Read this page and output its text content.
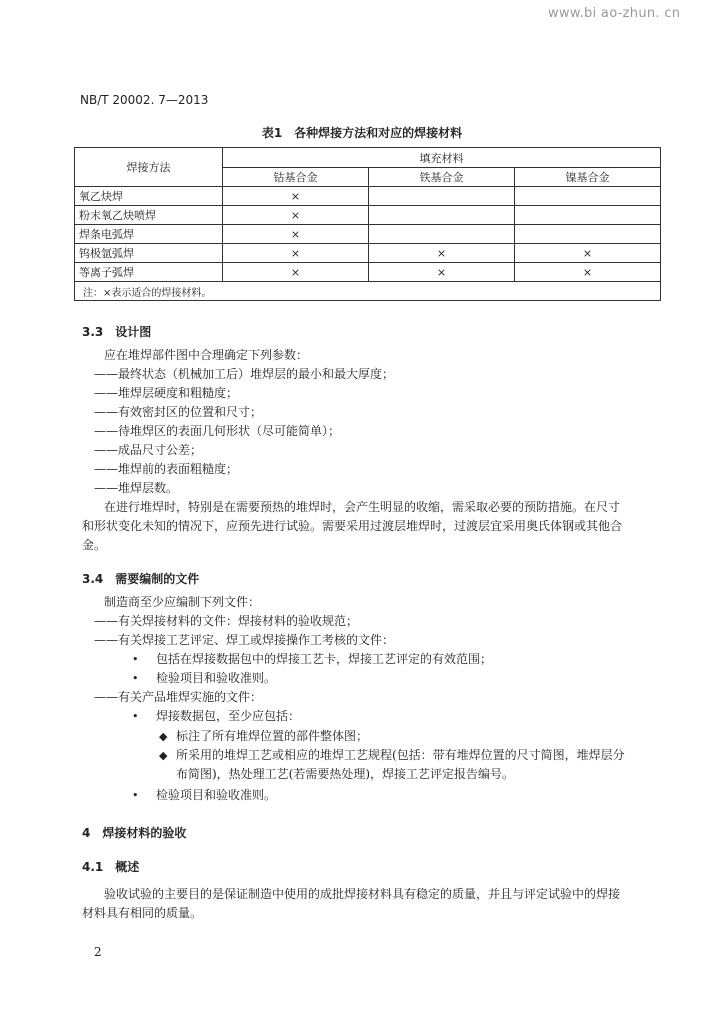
www.bi ao-zhun. cn
NB/T 20002. 7—2013
表1　各种焊接方法和对应的焊接材料
焊接方法	填充材料		
	钴基合金	铁基合金	镍基合金
氧乙炔焊	×		
粉末氧乙炔喷焊	×		
焊条电弧焊	×		
钨极氩弧焊	×	×	×
等离子弧焊	×	×	×
注：×表示适合的焊接材料。			
3.3　设计图
应在堆焊部件图中合理确定下列参数：
——最终状态（机械加工后）堆焊层的最小和最大厚度；
——堆焊层硬度和粗糙度；
——有效密封区的位置和尺寸；
——待堆焊区的表面几何形状（尽可能简单）；
——成品尺寸公差；
——堆焊前的表面粗糙度；
——堆焊层数。
在进行堆焊时，特别是在需要预热的堆焊时，会产生明显的收缩，需采取必要的预防措施。在尺寸
和形状变化未知的情况下，应预先进行试验。需要采用过渡层堆焊时，过渡层宜采用奥氏体钢或其他合
金。
3.4　需要编制的文件
制造商至少应编制下列文件：
——有关焊接材料的文件：焊接材料的验收规范；
——有关焊接工艺评定、焊工或焊接操作工考核的文件：
• 包括在焊接数据包中的焊接工艺卡，焊接工艺评定的有效范围；
• 检验项目和验收准则。
——有关产品堆焊实施的文件：
• 焊接数据包，至少应包括：
◆ 标注了所有堆焊位置的部件整体图；
◆ 所采用的堆焊工艺或相应的堆焊工艺规程(包括：带有堆焊位置的尺寸简图，堆焊层分
布简图)，热处理工艺(若需要热处理)，焊接工艺评定报告编号。
• 检验项目和验收准则。
4　焊接材料的验收
4.1　概述
验收试验的主要目的是保证制造中使用的成批焊接材料具有稳定的质量，并且与评定试验中的焊接
材料具有相同的质量。
2
